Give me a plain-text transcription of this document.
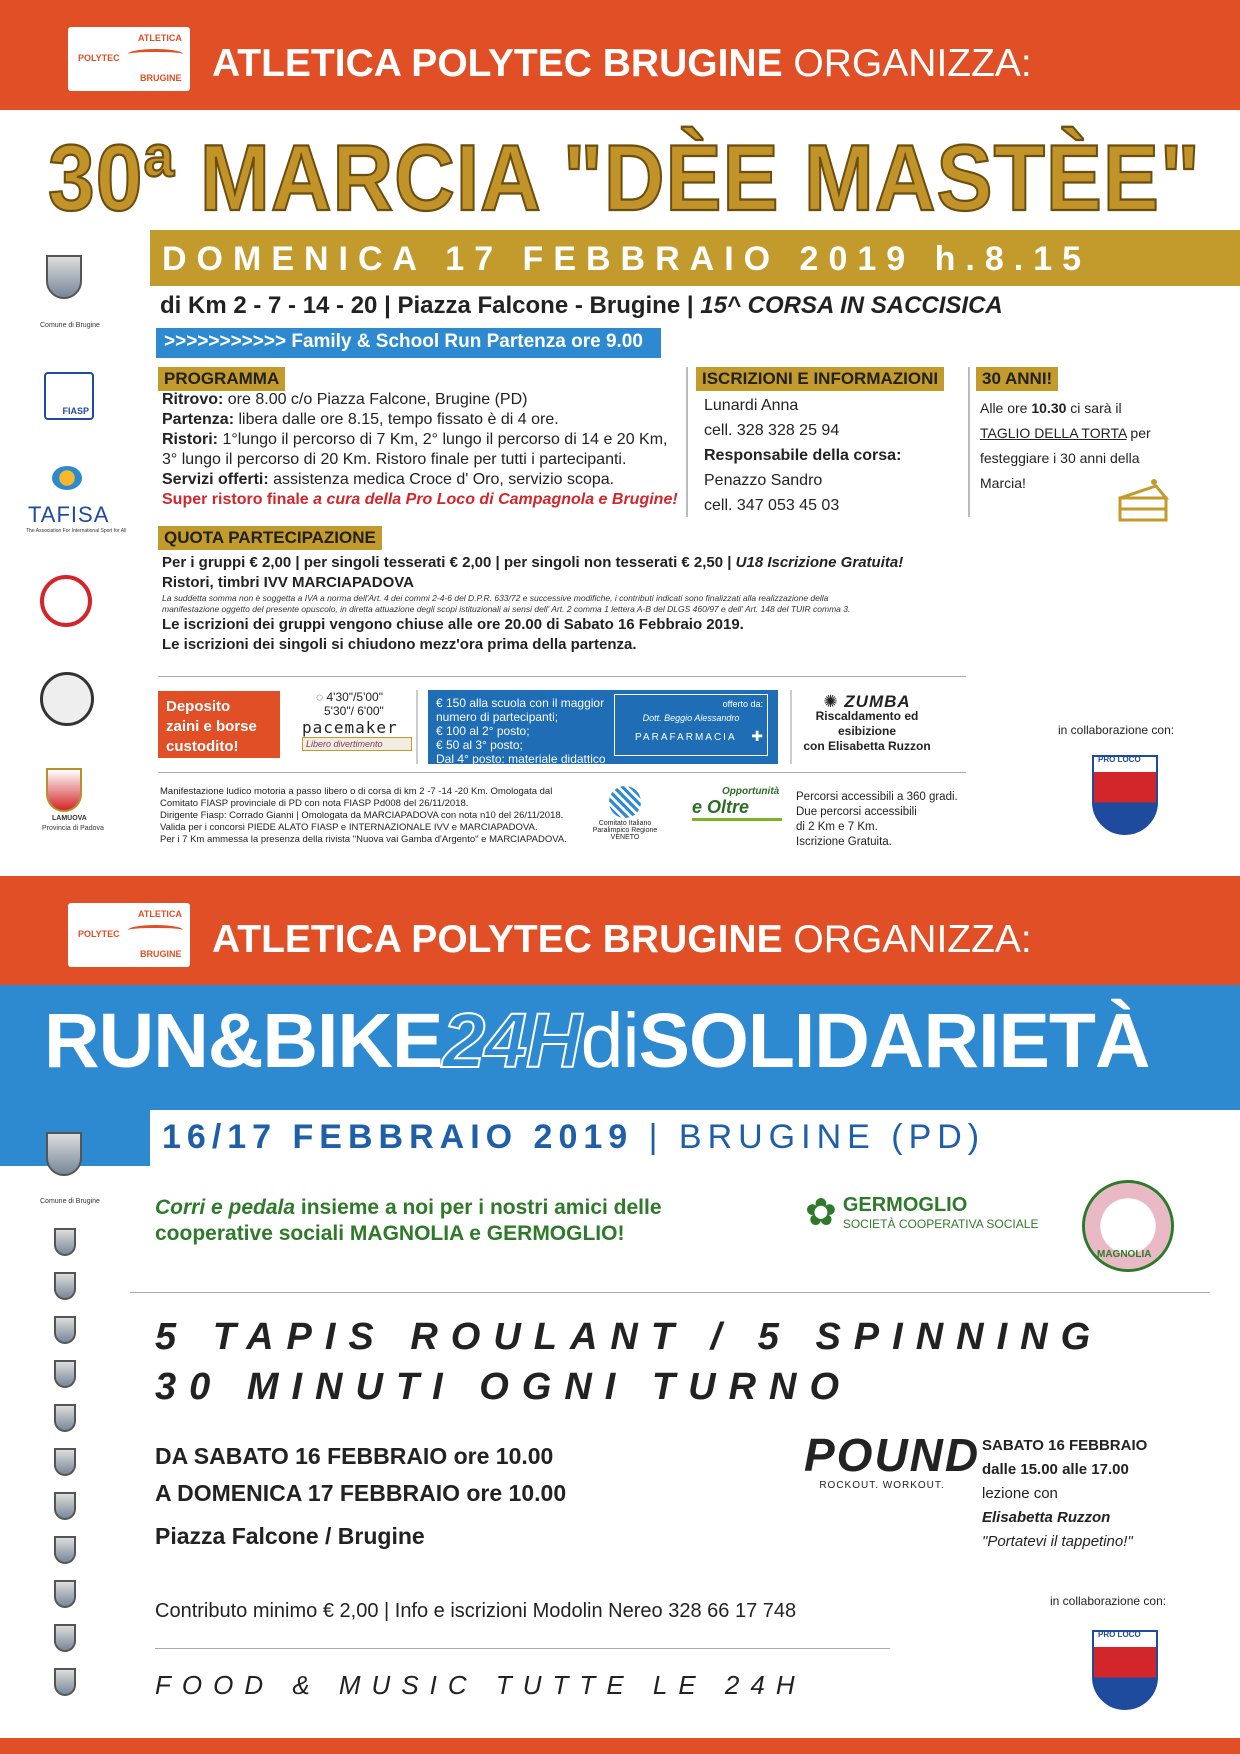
ATLETICA
POLYTEC
BRUGINE ATLETICA POLYTEC BRUGINE ORGANIZZA:
30ª MARCIA "DÈE MASTÈE"
DOMENICA 17 FEBBRAIO 2019 h.8.15
di Km 2 - 7 - 14 - 20 | Piazza Falcone - Brugine | 15^ CORSA IN SACCISICA
>>>>>>>>>>> Family & School Run Partenza ore 9.00
Comune di Brugine
FIASP
TAFISA
The Association For International Sport for All
LAMUOVA
Provincia di Padova
PROGRAMMA
Ritrovo: ore 8.00 c/o Piazza Falcone, Brugine (PD)
Partenza: libera dalle ore 8.15, tempo fissato è di 4 ore.
Ristori: 1°lungo il percorso di 7 Km, 2° lungo il percorso di 14 e 20 Km,
3° lungo il percorso di 20 Km. Ristoro finale per tutti i partecipanti.
Servizi offerti: assistenza medica Croce d' Oro, servizio scopa.
Super ristoro finale a cura della Pro Loco di Campagnola e Brugine!
ISCRIZIONI E INFORMAZIONI
Lunardi Anna
cell. 328 328 25 94
Responsabile della corsa:
Penazzo Sandro
cell. 347 053 45 03
30 ANNI!
Alle ore 10.30 ci sarà il
TAGLIO DELLA TORTA per
festeggiare i 30 anni della
Marcia!
QUOTA PARTECIPAZIONE
Per i gruppi € 2,00 | per singoli tesserati € 2,00 | per singoli non tesserati € 2,50 | U18 Iscrizione Gratuita!
Ristori, timbri IVV MARCIAPADOVA
La suddetta somma non è soggetta a IVA a norma dell'Art. 4 dei commi 2-4-6 del D.P.R. 633/72 e successive modifiche, i contributi indicati sono finalizzati alla realizzazione della
manifestazione oggetto del presente opuscolo, in diretta attuazione degli scopi istituzionali ai sensi dell' Art. 2 comma 1 lettera A-B del DLGS 460/97 e dell' Art. 148 del TUIR comma 3.
Le iscrizioni dei gruppi vengono chiuse alle ore 20.00 di Sabato 16 Febbraio 2019.
Le iscrizioni dei singoli si chiudono mezz'ora prima della partenza.
Deposito
zaini e borse
custodito!
◌ 4'30"/5'00"
5'30"/ 6'00"
pacemaker
Libero divertimento
€ 150 alla scuola con il maggior
numero di partecipanti;
€ 100 al 2° posto;
€ 50 al 3° posto;
Dal 4° posto: materiale didattico
offerto da:
Dott. Beggio Alessandro
PARAFARMACIA ✚
✺ ZUMBA
Riscaldamento ed
esibizione
con Elisabetta Ruzzon
in collaborazione con:
PRO LOCO
Manifestazione ludico motoria a passo libero o di corsa di km 2 -7 -14 -20 Km. Omologata dal
Comitato FIASP provinciale di PD con nota FIASP Pd008 del 26/11/2018.
Dirigente Fiasp: Corrado Gianni | Omologata da MARCIAPADOVA con nota n10 del 26/11/2018.
Valida per i concorsi PIEDE ALATO FIASP e INTERNAZIONALE IVV e MARCIAPADOVA.
Per i 7 Km ammessa la presenza della rivista "Nuova vai Gamba d'Argento" e MARCIAPADOVA.
Comitato Italiano Paralimpico Regione VENETO
Opportunità
e Oltre	Percorsi accessibili a 360 gradi.
Due percorsi accessibili
di 2 Km e 7 Km.
Iscrizione Gratuita.
ATLETICA
POLYTEC
BRUGINE ATLETICA POLYTEC BRUGINE ORGANIZZA:
RUN&BIKE24HdiSOLIDARIETÀ
16/17 FEBBRAIO 2019 | BRUGINE (PD)
Comune di Brugine	Corri e pedala insieme a noi per i nostri amici delle
cooperative sociali MAGNOLIA e GERMOGLIO!	✿ GERMOGLIO
SOCIETÀ COOPERATIVA SOCIALE
MAGNOLIA
5 TAPIS ROULANT / 5 SPINNING
30 MINUTI OGNI TURNO
DA SABATO 16 FEBBRAIO ore 10.00
A DOMENICA 17 FEBBRAIO ore 10.00
Piazza Falcone / Brugine
POUND
ROCKOUT. WORKOUT.
SABATO 16 FEBBRAIO
dalle 15.00 alle 17.00
lezione con
Elisabetta Ruzzon
"Portatevi il tappetino!"
Contributo minimo € 2,00 | Info e iscrizioni Modolin Nereo 328 66 17 748
FOOD & MUSIC TUTTE LE 24H
in collaborazione con:
PRO LOCO
